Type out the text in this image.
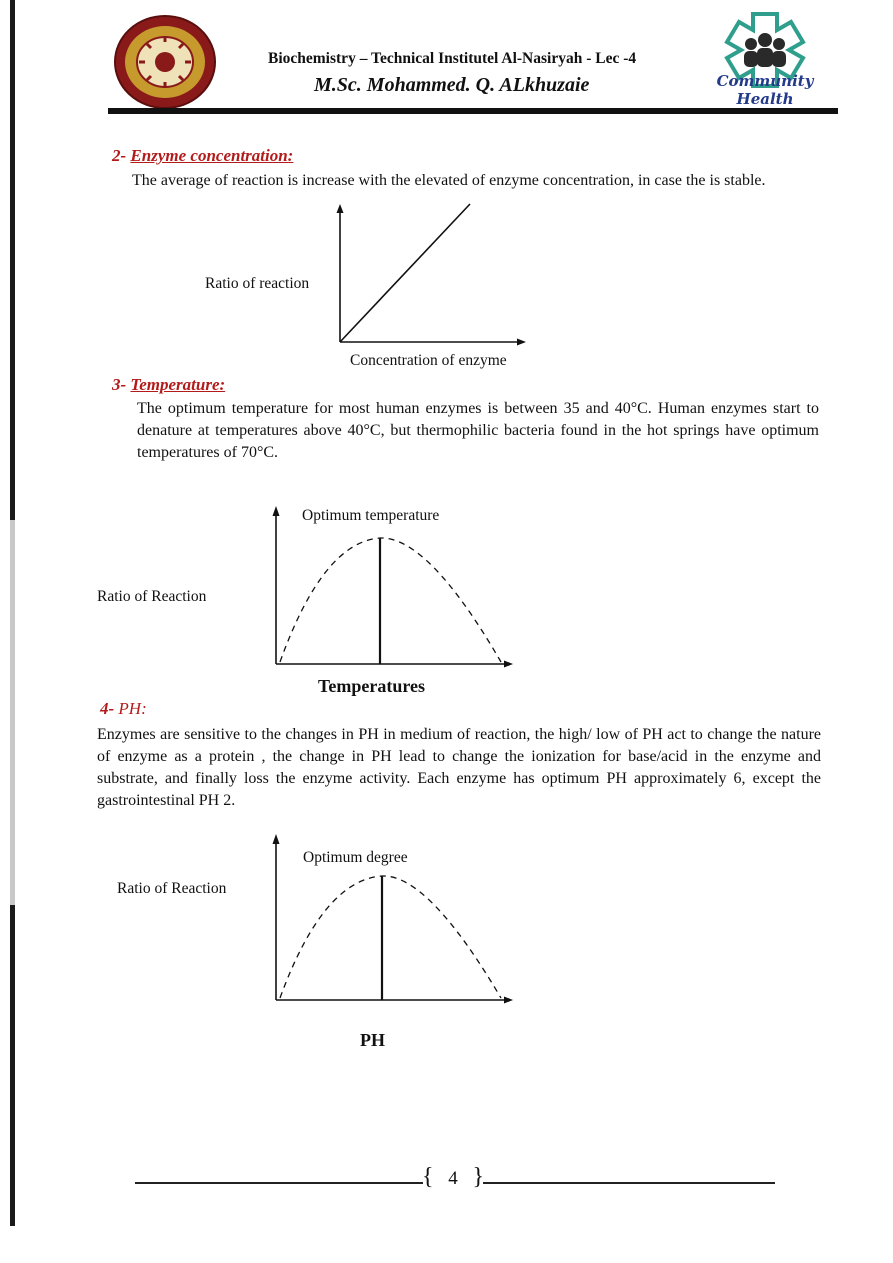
Biochemistry – Technical Institutel Al-Nasiryah - Lec -4
M.Sc. Mohammed. Q. ALkhuzaie	Community Health
2- Enzyme concentration:
The average of reaction is increase with the elevated of enzyme concentration, in case the is stable.
Ratio of reaction
Concentration of enzyme
3- Temperature:
The optimum temperature for most human enzymes is between 35 and 40°C. Human enzymes start to denature at temperatures above 40°C, but thermophilic bacteria found in the hot springs have optimum temperatures of 70°C.
Optimum temperature
Ratio of Reaction
Temperatures
4- PH:
Enzymes are sensitive to the changes in PH in medium of reaction, the high/ low of PH act to change the nature of enzyme as a protein , the change in PH lead to change the ionization for base/acid in the enzyme and substrate, and finally loss the enzyme activity. Each enzyme has optimum PH approximately 6, except the gastrointestinal PH 2.
Optimum degree
Ratio of Reaction
PH
{ 4 }
